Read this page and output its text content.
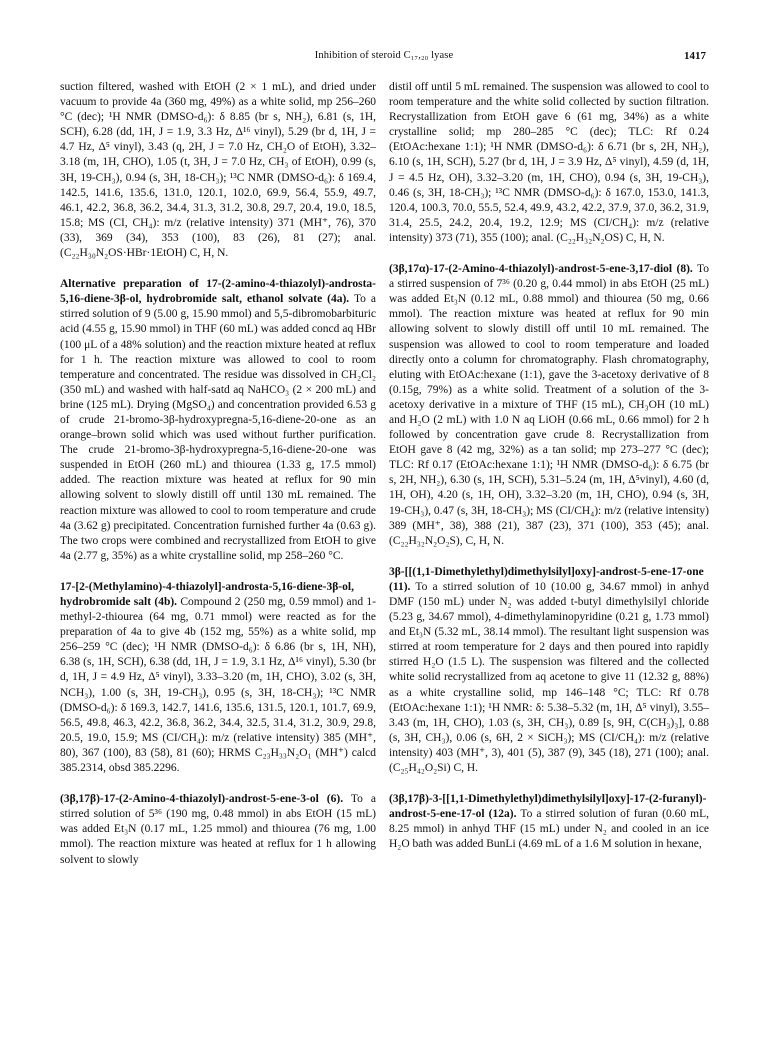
Inhibition of steroid C₁₇,₂₀ lyase	1417

suction filtered, washed with EtOH (2 × 1 mL), and dried under vacuum to provide 4a (360 mg, 49%) as a white solid, mp 256–260 °C (dec); ¹H NMR (DMSO-d₆): δ 8.85 (br s, NH₂), 6.81 (s, 1H, SCH), 6.28 (dd, 1H, J = 1.9, 3.3 Hz, Δ¹⁶ vinyl), 5.29 (br d, 1H, J = 4.7 Hz, Δ⁵ vinyl), 3.43 (q, 2H, J = 7.0 Hz, CH₂O of EtOH), 3.32–3.18 (m, 1H, CHO), 1.05 (t, 3H, J = 7.0 Hz, CH₃ of EtOH), 0.99 (s, 3H, 19-CH₃), 0.94 (s, 3H, 18-CH₃); ¹³C NMR (DMSO-d₆): δ 169.4, 142.5, 141.6, 135.6, 131.0, 120.1, 102.0, 69.9, 56.4, 55.9, 49.7, 46.1, 42.2, 36.8, 36.2, 34.4, 31.3, 31.2, 30.8, 29.7, 20.4, 19.0, 18.5, 15.8; MS (CI, CH₄): m/z (relative intensity) 371 (MH⁺, 76), 370 (33), 369 (34), 353 (100), 83 (26), 81 (27); anal. (C₂₂H₃₀N₂OS·HBr·1EtOH) C, H, N.

Alternative preparation of 17-(2-amino-4-thiazolyl)-androsta-5,16-diene-3β-ol, hydrobromide salt, ethanol solvate (4a). To a stirred solution of 9 (5.00 g, 15.90 mmol) and 5,5-dibromobarbituric acid (4.55 g, 15.90 mmol) in THF (60 mL) was added concd aq HBr (100 μL of a 48% solution) and the reaction mixture heated at reflux for 1 h. The reaction mixture was allowed to cool to room temperature and concentrated. The residue was dissolved in CH₂Cl₂ (350 mL) and washed with half-satd aq NaHCO₃ (2 × 200 mL) and brine (125 mL). Drying (MgSO₄) and concentration provided 6.53 g of crude 21-bromo-3β-hydroxypregna-5,16-diene-20-one as an orange–brown solid which was used without further purification. The crude 21-bromo-3β-hydroxypregna-5,16-diene-20-one was suspended in EtOH (260 mL) and thiourea (1.33 g, 17.5 mmol) added. The reaction mixture was heated at reflux for 90 min allowing solvent to slowly distill off until 130 mL remained. The reaction mixture was allowed to cool to room temperature and crude 4a (3.62 g) precipitated. Concentration furnished further 4a (0.63 g). The two crops were combined and recrystallized from EtOH to give 4a (2.77 g, 35%) as a white crystalline solid, mp 258–260 °C.

17-[2-(Methylamino)-4-thiazolyl]-androsta-5,16-diene-3β-ol, hydrobromide salt (4b). Compound 2 (250 mg, 0.59 mmol) and 1-methyl-2-thiourea (64 mg, 0.71 mmol) were reacted as for the preparation of 4a to give 4b (152 mg, 55%) as a white solid, mp 256–259 °C (dec); ¹H NMR (DMSO-d₆): δ 6.86 (br s, 1H, NH), 6.38 (s, 1H, SCH), 6.38 (dd, 1H, J = 1.9, 3.1 Hz, Δ¹⁶ vinyl), 5.30 (br d, 1H, J = 4.9 Hz, Δ⁵ vinyl), 3.33–3.20 (m, 1H, CHO), 3.02 (s, 3H, NCH₃), 1.00 (s, 3H, 19-CH₃), 0.95 (s, 3H, 18-CH₃); ¹³C NMR (DMSO-d₆): δ 169.3, 142.7, 141.6, 135.6, 131.5, 120.1, 101.7, 69.9, 56.5, 49.8, 46.3, 42.2, 36.8, 36.2, 34.4, 32.5, 31.4, 31.2, 30.9, 29.8, 20.5, 19.0, 15.9; MS (CI/CH₄): m/z (relative intensity) 385 (MH⁺, 80), 367 (100), 83 (58), 81 (60); HRMS C₂₃H₃₃N₂O₁ (MH⁺) calcd 385.2314, obsd 385.2296.

(3β,17β)-17-(2-Amino-4-thiazolyl)-androst-5-ene-3-ol (6). To a stirred solution of 5³⁶ (190 mg, 0.48 mmol) in abs EtOH (15 mL) was added Et₃N (0.17 mL, 1.25 mmol) and thiourea (76 mg, 1.00 mmol). The reaction mixture was heated at reflux for 1 h allowing solvent to slowly

distil off until 5 mL remained. The suspension was allowed to cool to room temperature and the white solid collected by suction filtration. Recrystallization from EtOH gave 6 (61 mg, 34%) as a white crystalline solid; mp 280–285 °C (dec); TLC: Rf 0.24 (EtOAc:hexane 1:1); ¹H NMR (DMSO-d₆): δ 6.71 (br s, 2H, NH₂), 6.10 (s, 1H, SCH), 5.27 (br d, 1H, J = 3.9 Hz, Δ⁵ vinyl), 4.59 (d, 1H, J = 4.5 Hz, OH), 3.32–3.20 (m, 1H, CHO), 0.94 (s, 3H, 19-CH₃), 0.46 (s, 3H, 18-CH₃); ¹³C NMR (DMSO-d₆): δ 167.0, 153.0, 141.3, 120.4, 100.3, 70.0, 55.5, 52.4, 49.9, 43.2, 42.2, 37.9, 37.0, 36.2, 31.9, 31.4, 25.5, 24.2, 20.4, 19.2, 12.9; MS (CI/CH₄): m/z (relative intensity) 373 (71), 355 (100); anal. (C₂₂H₃₂N₂OS) C, H, N.

(3β,17α)-17-(2-Amino-4-thiazolyl)-androst-5-ene-3,17-diol (8). To a stirred suspension of 7³⁶ (0.20 g, 0.44 mmol) in abs EtOH (25 mL) was added Et₃N (0.12 mL, 0.88 mmol) and thiourea (50 mg, 0.66 mmol). The reaction mixture was heated at reflux for 90 min allowing solvent to slowly distill off until 10 mL remained. The suspension was allowed to cool to room temperature and loaded directly onto a column for chromatography. Flash chromatography, eluting with EtOAc:hexane (1:1), gave the 3-acetoxy derivative of 8 (0.15g, 79%) as a white solid. Treatment of a solution of the 3-acetoxy derivative in a mixture of THF (15 mL), CH₃OH (10 mL) and H₂O (2 mL) with 1.0 N aq LiOH (0.66 mL, 0.66 mmol) for 2 h followed by concentration gave crude 8. Recrystallization from EtOH gave 8 (42 mg, 32%) as a tan solid; mp 273–277 °C (dec); TLC: Rf 0.17 (EtOAc:hexane 1:1); ¹H NMR (DMSO-d₆): δ 6.75 (br s, 2H, NH₂), 6.30 (s, 1H, SCH), 5.31–5.24 (m, 1H, Δ⁵vinyl), 4.60 (d, 1H, OH), 4.20 (s, 1H, OH), 3.32–3.20 (m, 1H, CHO), 0.94 (s, 3H, 19-CH₃), 0.47 (s, 3H, 18-CH₃); MS (CI/CH₄): m/z (relative intensity) 389 (MH⁺, 38), 388 (21), 387 (23), 371 (100), 353 (45); anal. (C₂₂H₃₂N₂O₂S), C, H, N.

3β-[[(1,1-Dimethylethyl)dimethylsilyl]oxy]-androst-5-ene-17-one (11). To a stirred solution of 10 (10.00 g, 34.67 mmol) in anhyd DMF (150 mL) under N₂ was added t-butyl dimethylsilyl chloride (5.23 g, 34.67 mmol), 4-dimethylaminopyridine (0.21 g, 1.73 mmol) and Et₃N (5.32 mL, 38.14 mmol). The resultant light suspension was stirred at room temperature for 2 days and then poured into rapidly stirred H₂O (1.5 L). The suspension was filtered and the collected white solid recrystallized from aq acetone to give 11 (12.32 g, 88%) as a white crystalline solid, mp 146–148 °C; TLC: Rf 0.78 (EtOAc:hexane 1:1); ¹H NMR: δ: 5.38–5.32 (m, 1H, Δ⁵ vinyl), 3.55–3.43 (m, 1H, CHO), 1.03 (s, 3H, CH₃), 0.89 [s, 9H, C(CH₃)₃], 0.88 (s, 3H, CH₃), 0.06 (s, 6H, 2 × SiCH₃); MS (CI/CH₄): m/z (relative intensity) 403 (MH⁺, 3), 401 (5), 387 (9), 345 (18), 271 (100); anal. (C₂₅H₄₂O₂Si) C, H.

(3β,17β)-3-[[1,1-Dimethylethyl)dimethylsilyl]oxy]-17-(2-furanyl)-androst-5-ene-17-ol (12a). To a stirred solution of furan (0.60 mL, 8.25 mmol) in anhyd THF (15 mL) under N₂ and cooled in an ice H₂O bath was added BunLi (4.69 mL of a 1.6 M solution in hexane,
